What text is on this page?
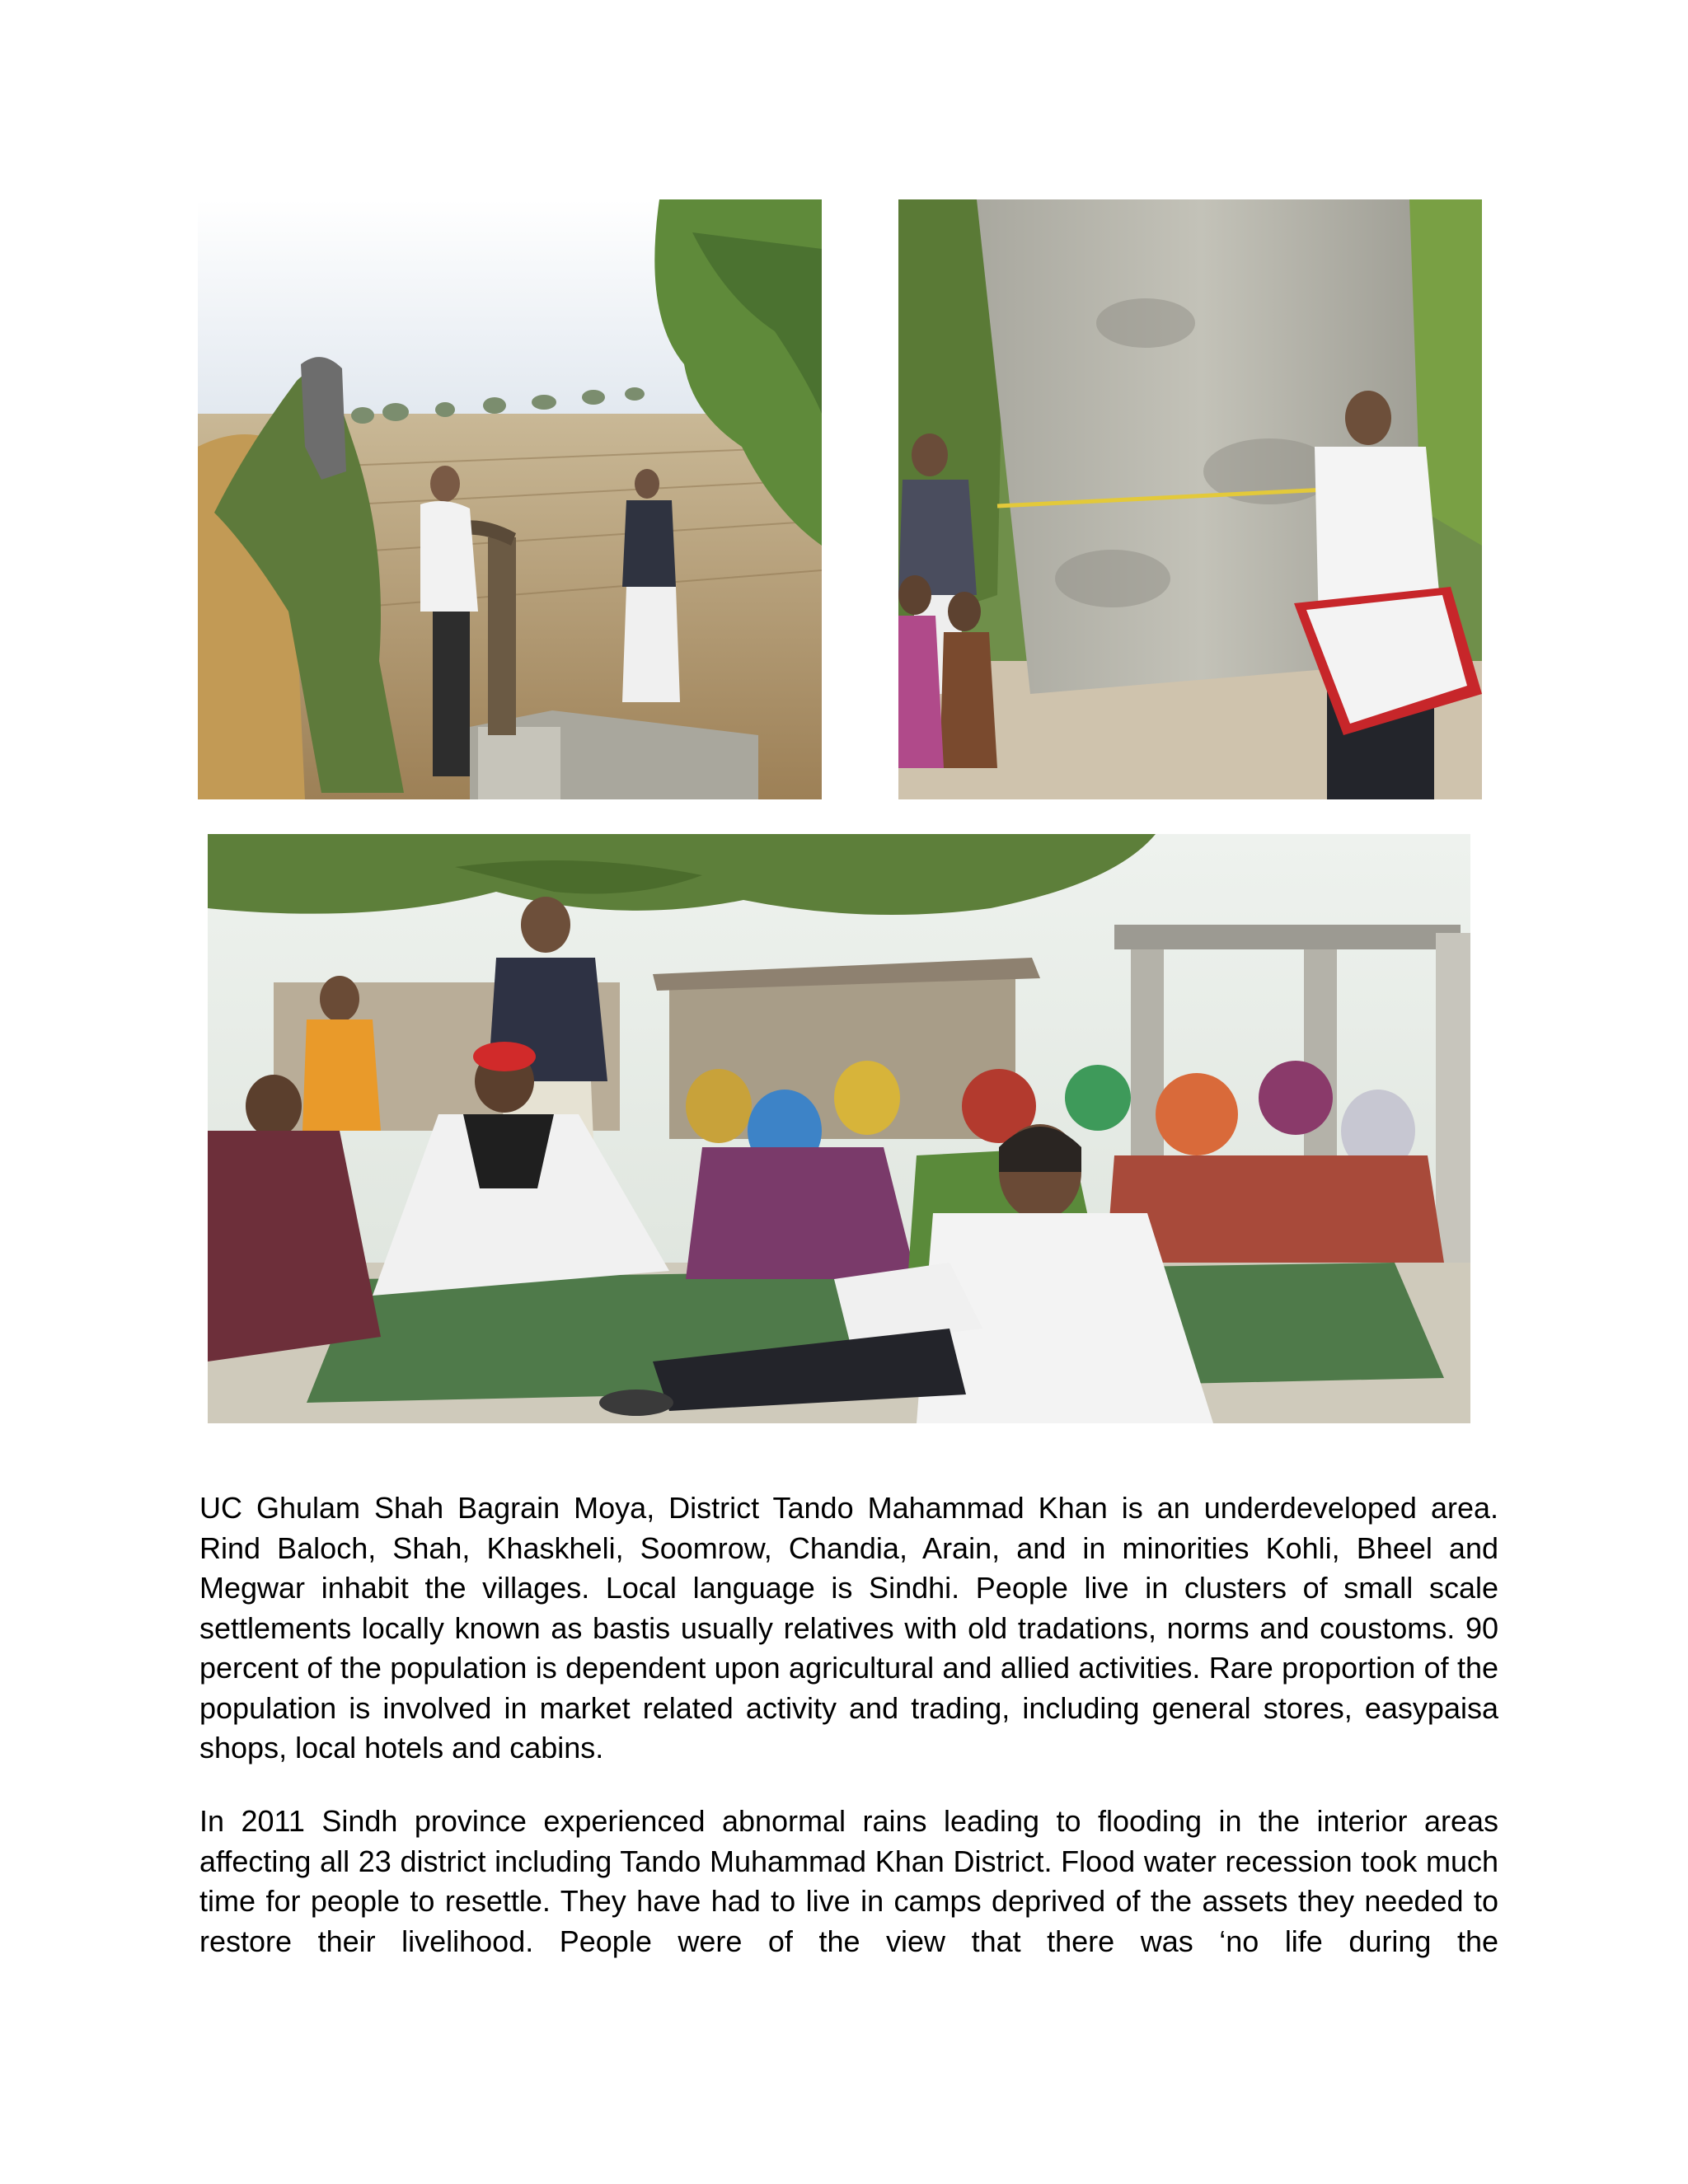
UC Ghulam Shah Bagrain Moya, District Tando Mahammad Khan is an underdeveloped area. Rind Baloch, Shah, Khaskheli, Soomrow, Chandia, Arain, and in minorities Kohli, Bheel and Megwar inhabit the villages. Local language is Sindhi. People live in clusters of small scale settlements locally known as bastis usually relatives with old tradations, norms and coustoms. 90 percent of the population is dependent upon agricultural and allied activities. Rare proportion of the population is involved in market related activity and trading, including general stores, easypaisa shops, local hotels and cabins.

In 2011 Sindh province experienced abnormal rains leading to flooding in the interior areas affecting all 23 district including Tando Muhammad Khan District. Flood water recession took much time for people to resettle. They have had to live in camps deprived of the assets they needed to restore their livelihood. People were of the view that there was ‘no life during the
